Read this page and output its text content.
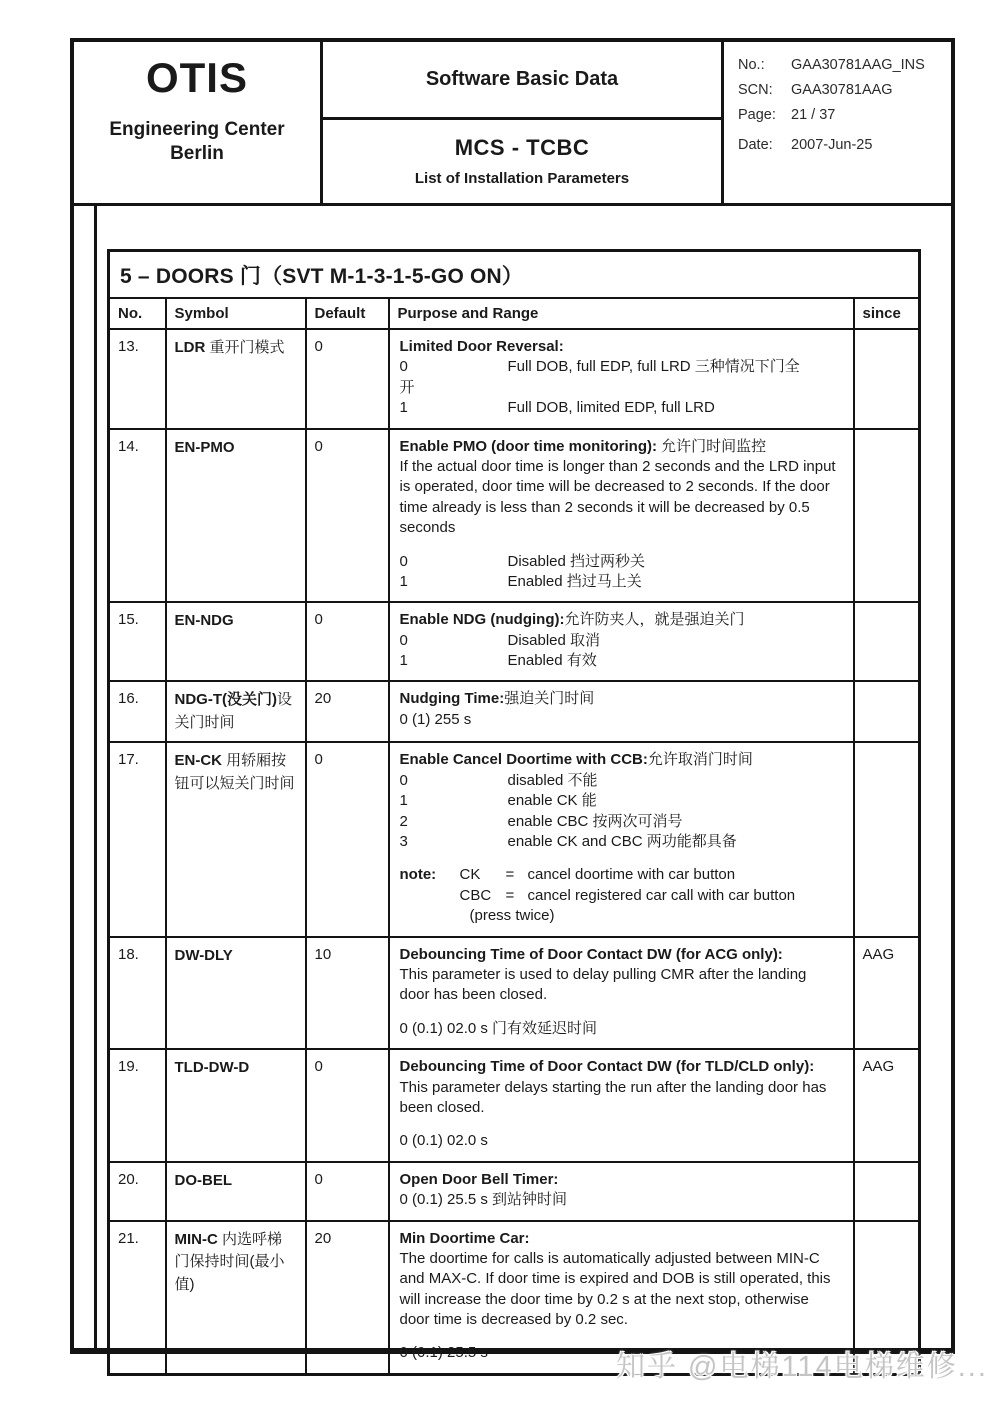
OTIS
Engineering Center
Berlin
Software Basic Data
MCS - TCBC
List of Installation Parameters
No.: GAA30781AAG_INS
SCN: GAA30781AAG
Page: 21 / 37
Date: 2007-Jun-25
5 – DOORS 门（SVT M-1-3-1-5-GO ON）				
No.	Symbol	Default	Purpose and Range	since
13.	LDR 重开门模式	0	Limited Door Reversal:
0 Full DOB, full EDP, full LRD 三种情况下门全
开
1 Full DOB, limited EDP, full LRD	

14.	EN-PMO	0	Enable PMO (door time monitoring): 允许门时间监控
If the actual door time is longer than 2 seconds and the LRD input is operated, door time will be decreased to 2 seconds. If the door time already is less than 2 seconds it will be decreased by 0.5 seconds
0 Disabled 挡过两秒关
1 Enabled 挡过马上关	

15.	EN-NDG	0	Enable NDG (nudging):允许防夹人，就是强迫关门
0 Disabled 取消
1 Enabled 有效	

16.	NDG-T(没关门)设关门时间	20	Nudging Time:强迫关门时间
0 (1) 255 s	

17.	EN-CK 用轿厢按钮可以短关门时间	0	Enable Cancel Doortime with CCB:允许取消门时间
0	disabled 不能
1	enable CK 能
2	enable CBC 按两次可消号
3	enable CK and CBC 两功能都具备
note:	CK = cancel doortime with car button
CBC = cancel registered car call with car button
(press twice)

18.	DW-DLY	10	Debouncing Time of Door Contact DW (for ACG only):
This parameter is used to delay pulling CMR after the landing door has been closed.
0 (0.1) 02.0 s 门有效延迟时间	AAG
19.	TLD-DW-D	0	Debouncing Time of Door Contact DW (for TLD/CLD only):
This parameter delays starting the run after the landing door has been closed.
0 (0.1) 02.0 s	AAG
20.	DO-BEL	0	Open Door Bell Timer:
0 (0.1) 25.5 s 到站钟时间	

21.	MIN-C 内选呼梯门保持时间(最小值)	20	Min Doortime Car:
The doortime for calls is automatically adjusted between MIN-C and MAX-C. If door time is expired and DOB is still operated, this will increase the door time by 0.2 s at the next stop, otherwise door time is decreased by 0.2 sec.
0 (0.1) 25.5 s	
		知乎 @电梯114电梯维修...
